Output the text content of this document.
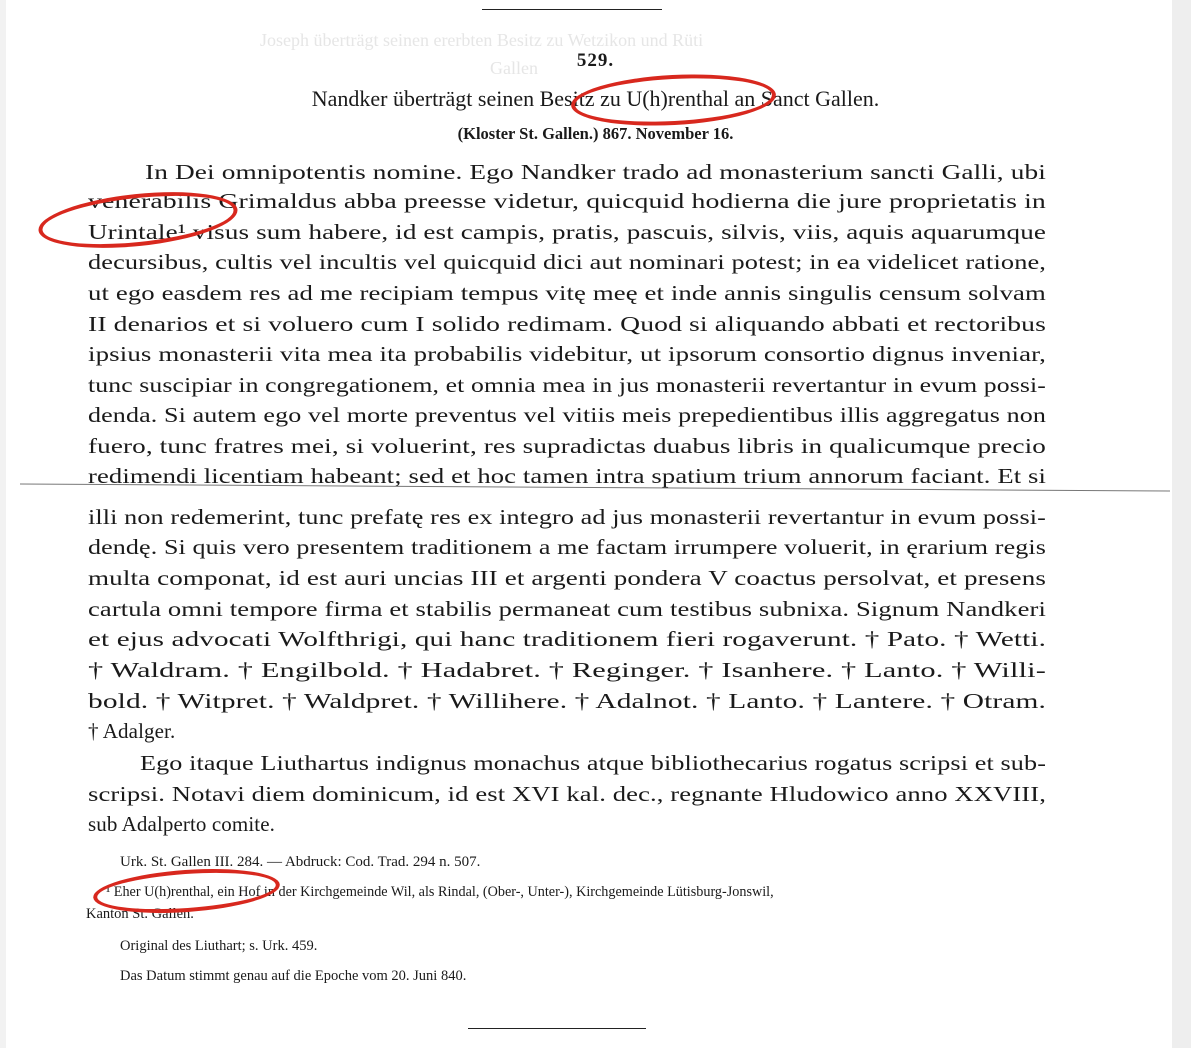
Joseph überträgt seinen ererbten Besitz zu Wetzikon und Rüti
Gallen	529.
Nandker überträgt seinen Besitz zu U(h)renthal an Sanct Gallen.
(Kloster St. Gallen.) 867. November 16.
In Dei omnipotentis nomine. Ego Nandker trado ad monasterium sancti Galli, ubi
venerabilis Grimaldus abba preesse videtur, quicquid hodierna die jure proprietatis in
Urintale¹ visus sum habere, id est campis, pratis, pascuis, silvis, viis, aquis aquarumque
decursibus, cultis vel incultis vel quicquid dici aut nominari potest; in ea videlicet ratione,
ut ego easdem res ad me recipiam tempus vitę meę et inde annis singulis censum solvam
II denarios et si voluero cum I solido redimam. Quod si aliquando abbati et rectoribus
ipsius monasterii vita mea ita probabilis videbitur, ut ipsorum consortio dignus inveniar,
tunc suscipiar in congregationem, et omnia mea in jus monasterii revertantur in evum possi-
denda. Si autem ego vel morte preventus vel vitiis meis prepedientibus illis aggregatus non
fuero, tunc fratres mei, si voluerint, res supradictas duabus libris in qualicumque precio
redimendi licentiam habeant; sed et hoc tamen intra spatium trium annorum faciant. Et si
illi non redemerint, tunc prefatę res ex integro ad jus monasterii revertantur in evum possi-
dendę. Si quis vero presentem traditionem a me factam irrumpere voluerit, in ęrarium regis
multa componat, id est auri uncias III et argenti pondera V coactus persolvat, et presens
cartula omni tempore firma et stabilis permaneat cum testibus subnixa. Signum Nandkeri
et ejus advocati Wolfthrigi, qui hanc traditionem fieri rogaverunt. † Pato. † Wetti.
† Waldram. † Engilbold. † Hadabret. † Reginger. † Isanhere. † Lanto. † Willi-
bold. † Witpret. † Waldpret. † Willihere. † Adalnot. † Lanto. † Lantere. † Otram.
† Adalger.
Ego itaque Liuthartus indignus monachus atque bibliothecarius rogatus scripsi et sub-
scripsi. Notavi diem dominicum, id est XVI kal. dec., regnante Hludowico anno XXVIII,
sub Adalperto comite.
Urk. St. Gallen III. 284. — Abdruck: Cod. Trad. 294 n. 507.
¹ Eher U(h)renthal, ein Hof in der Kirchgemeinde Wil, als Rindal, (Ober-, Unter-), Kirchgemeinde Lütisburg-Jonswil,
Kanton St. Gallen.
Original des Liuthart; s. Urk. 459.
Das Datum stimmt genau auf die Epoche vom 20. Juni 840.
